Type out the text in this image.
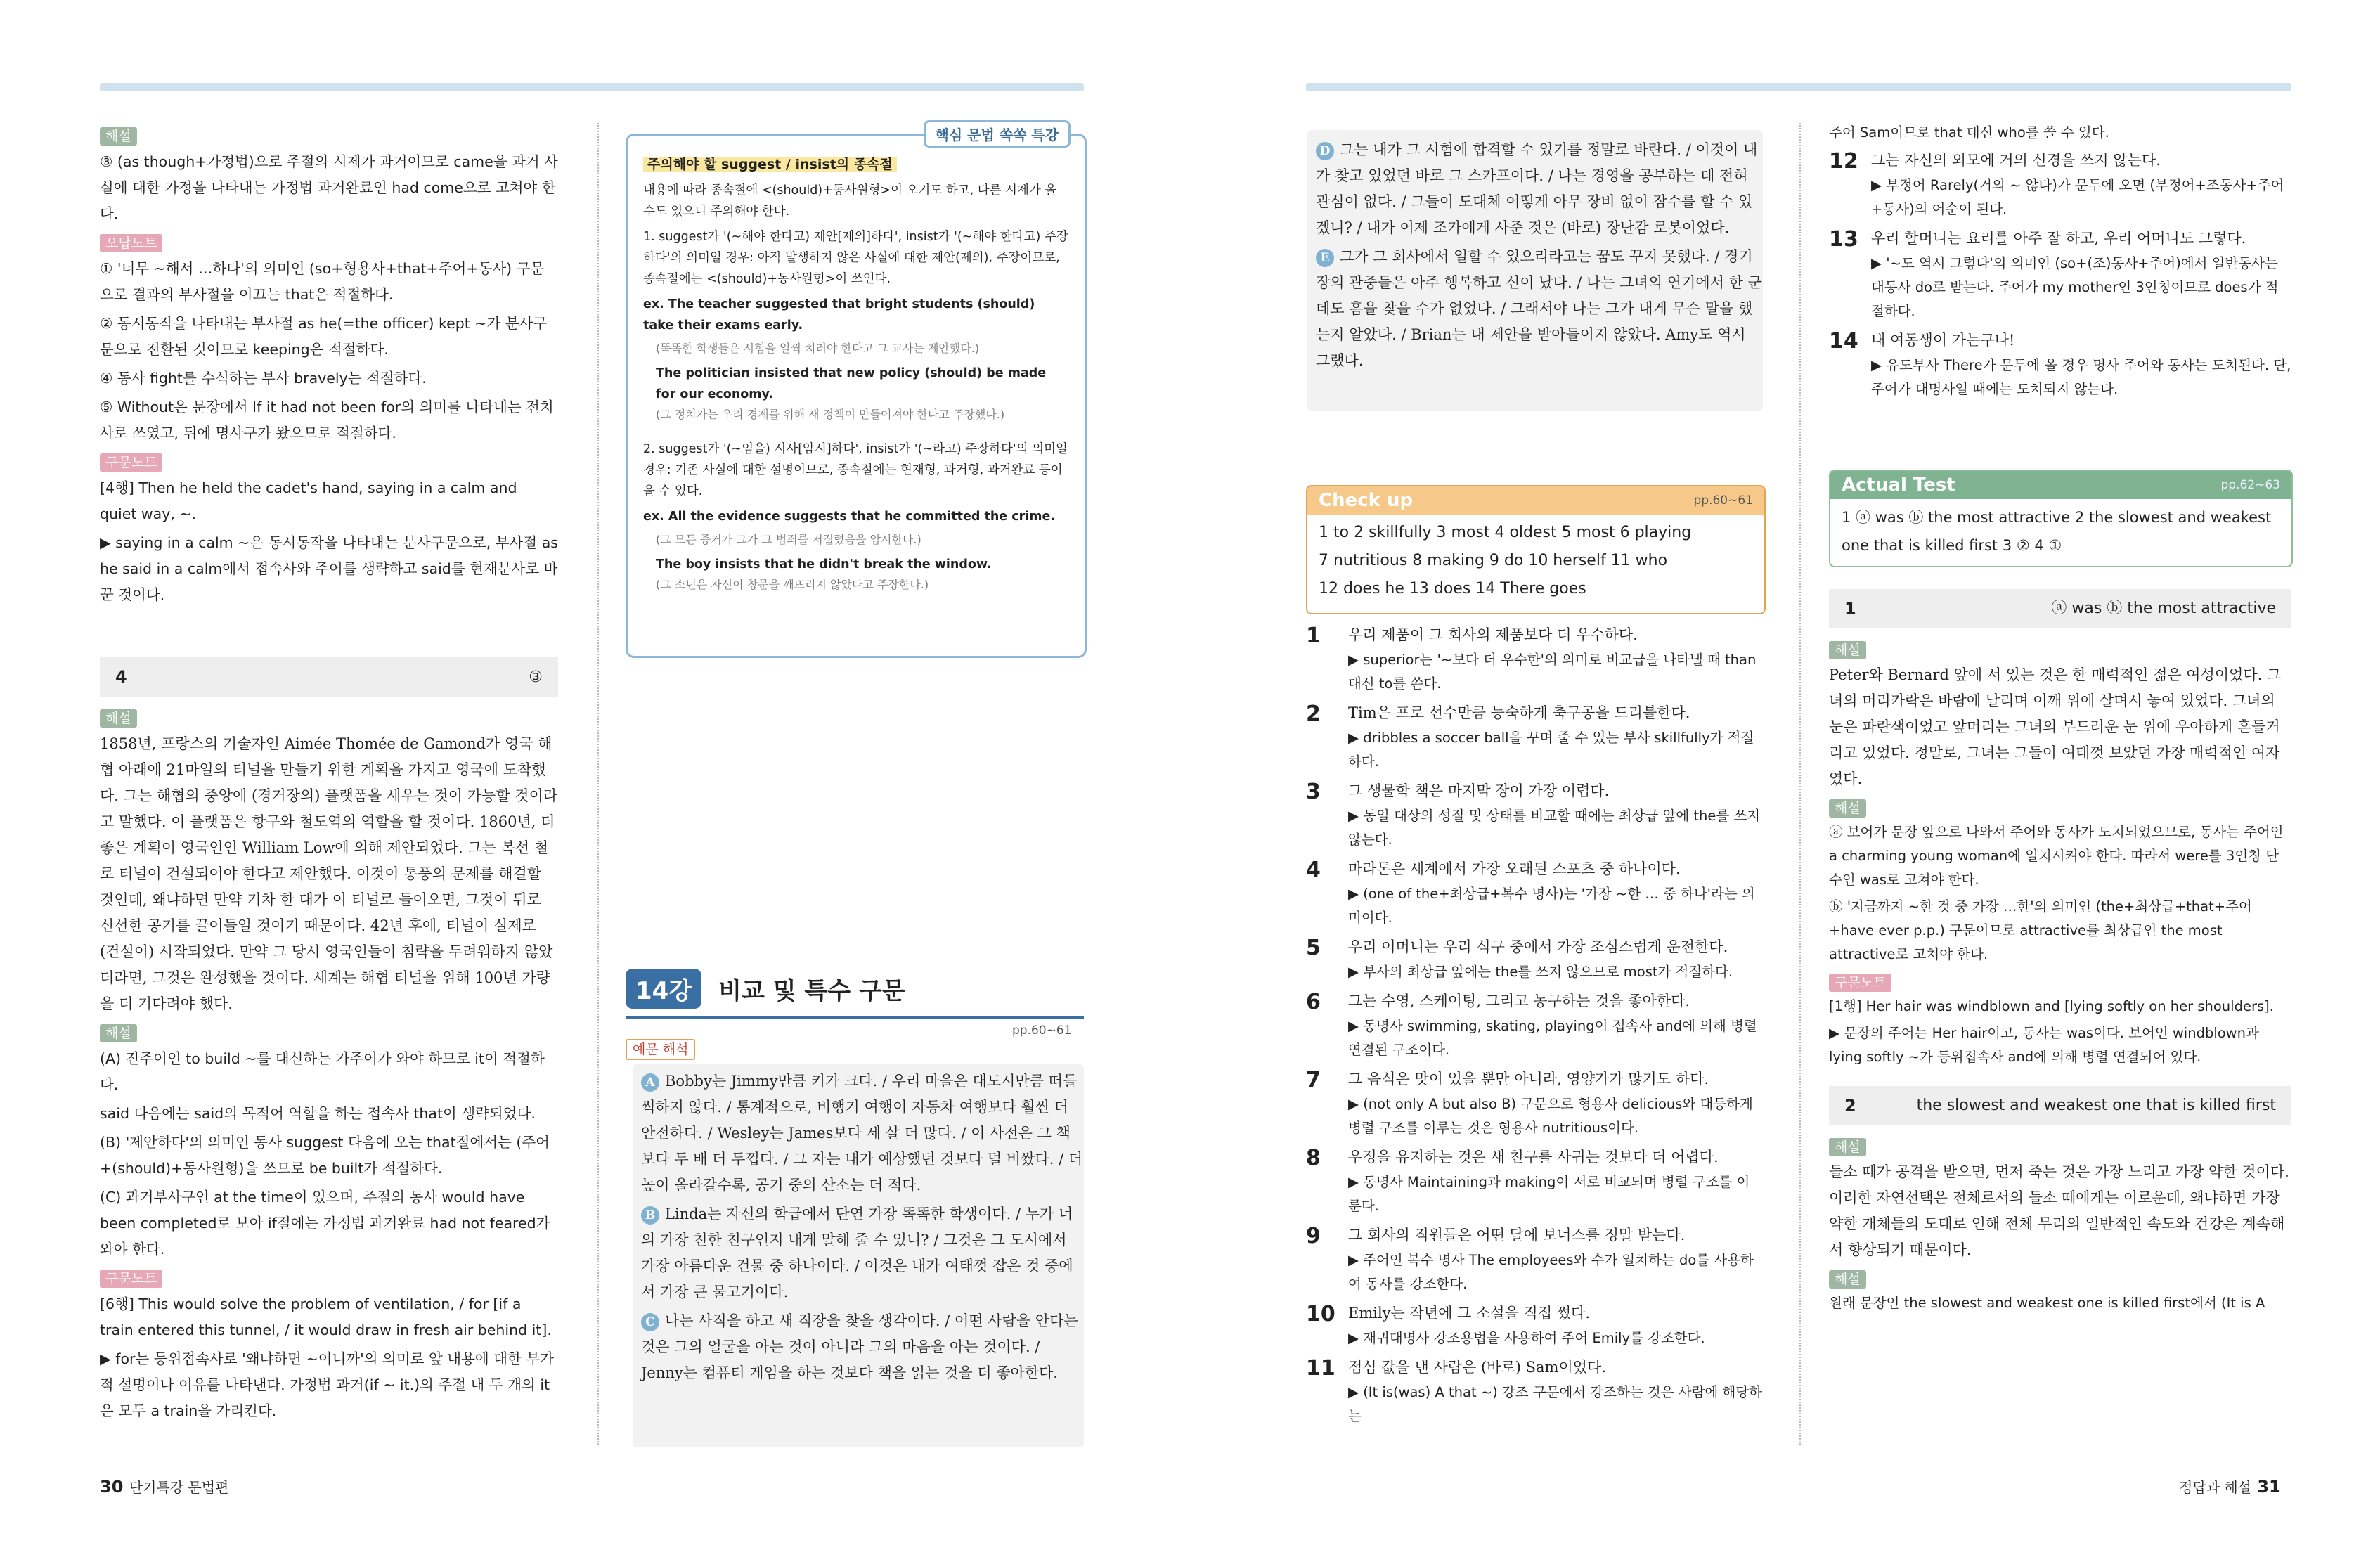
해설

③ (as though+가정법)으로 주절의 시제가 과거이므로 came을 과거 사실에 대한 가정을 나타내는 가정법 과거완료인 had come으로 고쳐야 한다.

오답노트

① '너무 ~해서 …하다'의 의미인 (so+형용사+that+주어+동사) 구문으로 결과의 부사절을 이끄는 that은 적절하다.

② 동시동작을 나타내는 부사절 as he(=the officer) kept ~가 분사구문으로 전환된 것이므로 keeping은 적절하다.

④ 동사 fight를 수식하는 부사 bravely는 적절하다.

⑤ Without은 문장에서 If it had not been for의 의미를 나타내는 전치사로 쓰였고, 뒤에 명사구가 왔으므로 적절하다.

구문노트

[4행] Then he held the cadet's hand, saying in a calm and quiet way, ~.

▶ saying in a calm ~은 동시동작을 나타내는 분사구문으로, 부사절 as he said in a calm에서 접속사와 주어를 생략하고 said를 현재분사로 바꾼 것이다.

4	③
해설

1858년, 프랑스의 기술자인 Aimée Thomée de Gamond가 영국 해협 아래에 21마일의 터널을 만들기 위한 계획을 가지고 영국에 도착했다. 그는 해협의 중앙에 (경거장의) 플랫폼을 세우는 것이 가능할 것이라고 말했다. 이 플랫폼은 항구와 철도역의 역할을 할 것이다. 1860년, 더 좋은 계획이 영국인인 William Low에 의해 제안되었다. 그는 복선 철로 터널이 건설되어야 한다고 제안했다. 이것이 통풍의 문제를 해결할 것인데, 왜냐하면 만약 기차 한 대가 이 터널로 들어오면, 그것이 뒤로 신선한 공기를 끌어들일 것이기 때문이다. 42년 후에, 터널이 실제로 (건설이) 시작되었다. 만약 그 당시 영국인들이 침략을 두려워하지 않았더라면, 그것은 완성했을 것이다. 세계는 해협 터널을 위해 100년 가량을 더 기다려야 했다.

해설

(A) 진주어인 to build ~를 대신하는 가주어가 와야 하므로 it이 적절하다.

said 다음에는 said의 목적어 역할을 하는 접속사 that이 생략되었다.

(B) '제안하다'의 의미인 동사 suggest 다음에 오는 that절에서는 (주어+(should)+동사원형)을 쓰므로 be built가 적절하다.

(C) 과거부사구인 at the time이 있으며, 주절의 동사 would have been completed로 보아 if절에는 가정법 과거완료 had not feared가 와야 한다.

구문노트

[6행] This would solve the problem of ventilation, / for [if a train entered this tunnel, / it would draw in fresh air behind it].

▶ for는 등위접속사로 '왜냐하면 ~이니까'의 의미로 앞 내용에 대한 부가적 설명이나 이유를 나타낸다. 가정법 과거(if ~ it.)의 주절 내 두 개의 it은 모두 a train을 가리킨다.

핵심 문법 쏙쏙 특강
주의해야 할 suggest / insist의 종속절

내용에 따라 종속절에 <(should)+동사원형>이 오기도 하고, 다른 시제가 올 수도 있으니 주의해야 한다.

1. suggest가 '(~해야 한다고) 제안[제의]하다', insist가 '(~해야 한다고) 주장하다'의 의미일 경우: 아직 발생하지 않은 사실에 대한 제안(제의), 주장이므로, 종속절에는 <(should)+동사원형>이 쓰인다.

ex. The teacher suggested that bright students (should) take their exams early.

(똑똑한 학생들은 시험을 일찍 치러야 한다고 그 교사는 제안했다.)

The politician insisted that new policy (should) be made for our economy.

(그 정치가는 우리 경제를 위해 새 정책이 만들어져야 한다고 주장했다.)

2. suggest가 '(~임을) 시사[암시]하다', insist가 '(~라고) 주장하다'의 의미일 경우: 기존 사실에 대한 설명이므로, 종속절에는 현재형, 과거형, 과거완료 등이 올 수 있다.

ex. All the evidence suggests that he committed the crime.

(그 모든 증거가 그가 그 범죄를 저질렀음을 암시한다.)

The boy insists that he didn't break the window.

(그 소년은 자신이 창문을 깨뜨리지 않았다고 주장한다.)

14강	비교 및 특수 구문
pp.60~61
예문 해석

A Bobby는 Jimmy만큼 키가 크다. / 우리 마을은 대도시만큼 떠들썩하지 않다. / 통계적으로, 비행기 여행이 자동차 여행보다 훨씬 더 안전하다. / Wesley는 James보다 세 살 더 많다. / 이 사전은 그 책보다 두 배 더 두껍다. / 그 자는 내가 예상했던 것보다 덜 비쌌다. / 더 높이 올라갈수록, 공기 중의 산소는 더 적다.

B Linda는 자신의 학급에서 단연 가장 똑똑한 학생이다. / 누가 너의 가장 친한 친구인지 내게 말해 줄 수 있니? / 그것은 그 도시에서 가장 아름다운 건물 중 하나이다. / 이것은 내가 여태껏 잡은 것 중에서 가장 큰 물고기이다.

C 나는 사직을 하고 새 직장을 찾을 생각이다. / 어떤 사람을 안다는 것은 그의 얼굴을 아는 것이 아니라 그의 마음을 아는 것이다. / Jenny는 컴퓨터 게임을 하는 것보다 책을 읽는 것을 더 좋아한다.

D 그는 내가 그 시험에 합격할 수 있기를 정말로 바란다. / 이것이 내가 찾고 있었던 바로 그 스카프이다. / 나는 경영을 공부하는 데 전혀 관심이 없다. / 그들이 도대체 어떻게 아무 장비 없이 잠수를 할 수 있겠니? / 내가 어제 조카에게 사준 것은 (바로) 장난감 로봇이었다.

E 그가 그 회사에서 일할 수 있으리라고는 꿈도 꾸지 못했다. / 경기장의 관중들은 아주 행복하고 신이 났다. / 나는 그녀의 연기에서 한 군데도 흠을 찾을 수가 없었다. / 그래서야 나는 그가 내게 무슨 말을 했는지 알았다. / Brian는 내 제안을 받아들이지 않았다. Amy도 역시 그랬다.

Check up	pp.60~61
1 to 2 skillfully 3 most 4 oldest 5 most 6 playing
7 nutritious 8 making 9 do 10 herself 11 who
12 does he 13 does 14 There goes
1	우리 제품이 그 회사의 제품보다 더 우수하다.
▶ superior는 '~보다 더 우수한'의 의미로 비교급을 나타낼 때 than 대신 to를 쓴다.
2	Tim은 프로 선수만큼 능숙하게 축구공을 드리블한다.
▶ dribbles a soccer ball을 꾸며 줄 수 있는 부사 skillfully가 적절하다.
3	그 생물학 책은 마지막 장이 가장 어렵다.
▶ 동일 대상의 성질 및 상태를 비교할 때에는 최상급 앞에 the를 쓰지 않는다.
4	마라톤은 세계에서 가장 오래된 스포츠 중 하나이다.
▶ (one of the+최상급+복수 명사)는 '가장 ~한 … 중 하나'라는 의미이다.
5	우리 어머니는 우리 식구 중에서 가장 조심스럽게 운전한다.
▶ 부사의 최상급 앞에는 the를 쓰지 않으므로 most가 적절하다.
6	그는 수영, 스케이팅, 그리고 농구하는 것을 좋아한다.
▶ 동명사 swimming, skating, playing이 접속사 and에 의해 병렬 연결된 구조이다.
7	그 음식은 맛이 있을 뿐만 아니라, 영양가가 많기도 하다.
▶ (not only A but also B) 구문으로 형용사 delicious와 대등하게 병렬 구조를 이루는 것은 형용사 nutritious이다.
8	우정을 유지하는 것은 새 친구를 사귀는 것보다 더 어렵다.
▶ 동명사 Maintaining과 making이 서로 비교되며 병렬 구조를 이룬다.
9	그 회사의 직원들은 어떤 달에 보너스를 정말 받는다.
▶ 주어인 복수 명사 The employees와 수가 일치하는 do를 사용하여 동사를 강조한다.
10 Emily는 작년에 그 소설을 직접 썼다.
▶ 재귀대명사 강조용법을 사용하여 주어 Emily를 강조한다.
11 점심 값을 낸 사람은 (바로) Sam이었다.
▶ (It is(was) A that ~) 강조 구문에서 강조하는 것은 사람에 해당하는

주어 Sam이므로 that 대신 who를 쓸 수 있다.

12 그는 자신의 외모에 거의 신경을 쓰지 않는다.
▶ 부정어 Rarely(거의 ~ 않다)가 문두에 오면 (부정어+조동사+주어+동사)의 어순이 된다.
13 우리 할머니는 요리를 아주 잘 하고, 우리 어머니도 그렇다.
▶ '~도 역시 그렇다'의 의미인 (so+(조)동사+주어)에서 일반동사는 대동사 do로 받는다. 주어가 my mother인 3인칭이므로 does가 적절하다.
14 내 여동생이 가는구나!
▶ 유도부사 There가 문두에 올 경우 명사 주어와 동사는 도치된다. 단, 주어가 대명사일 때에는 도치되지 않는다.
Actual Test	pp.62~63
1 ⓐ was ⓑ the most attractive 2 the slowest and weakest one that is killed first 3 ② 4 ①
1	ⓐ was ⓑ the most attractive
해설

Peter와 Bernard 앞에 서 있는 것은 한 매력적인 젊은 여성이었다. 그녀의 머리카락은 바람에 날리며 어깨 위에 살며시 놓여 있었다. 그녀의 눈은 파란색이었고 앞머리는 그녀의 부드러운 눈 위에 우아하게 흔들거리고 있었다. 정말로, 그녀는 그들이 여태껏 보았던 가장 매력적인 여자였다.

해설

ⓐ 보어가 문장 앞으로 나와서 주어와 동사가 도치되었으므로, 동사는 주어인 a charming young woman에 일치시켜야 한다. 따라서 were를 3인칭 단수인 was로 고쳐야 한다.

ⓑ '지금까지 ~한 것 중 가장 …한'의 의미인 (the+최상급+that+주어+have ever p.p.) 구문이므로 attractive를 최상급인 the most attractive로 고쳐야 한다.

구문노트

[1행] Her hair was windblown and [lying softly on her shoulders].

▶ 문장의 주어는 Her hair이고, 동사는 was이다. 보어인 windblown과 lying softly ~가 등위접속사 and에 의해 병렬 연결되어 있다.

2	the slowest and weakest one that is killed first
해설

들소 떼가 공격을 받으면, 먼저 죽는 것은 가장 느리고 가장 약한 것이다. 이러한 자연선택은 전체로서의 들소 떼에게는 이로운데, 왜냐하면 가장 약한 개체들의 도태로 인해 전체 무리의 일반적인 속도와 건강은 계속해서 향상되기 때문이다.

해설

원래 문장인 the slowest and weakest one is killed first에서 (It is A

30 단기특강 문법편	정답과 해설 31
